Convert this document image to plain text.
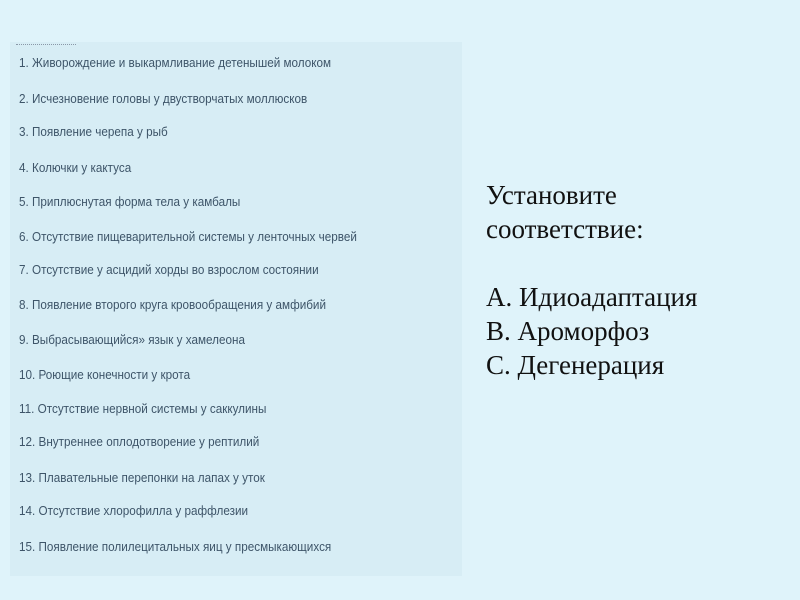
1. Живорождение и выкармливание детенышей молоком
2. Исчезновение головы у двустворчатых моллюсков
3. Появление черепа у рыб
4. Колючки у кактуса
5. Приплюснутая форма тела у камбалы
6. Отсутствие пищеварительной системы у ленточных червей
7. Отсутствие у асцидий хорды во взрослом состоянии
8. Появление второго круга кровообращения у амфибий
9. Выбрасывающийся» язык у хамелеона
10. Роющие конечности у крота
11. Отсутствие нервной системы у саккулины
12. Внутреннее оплодотворение у рептилий
13. Плавательные перепонки на лапах у уток
14. Отсутствие хлорофилла у раффлезии
15. Появление полилецитальных яиц у пресмыкающихся

Установите

соответствие:

А. Идиоадаптация

В. Ароморфоз

С. Дегенерация
